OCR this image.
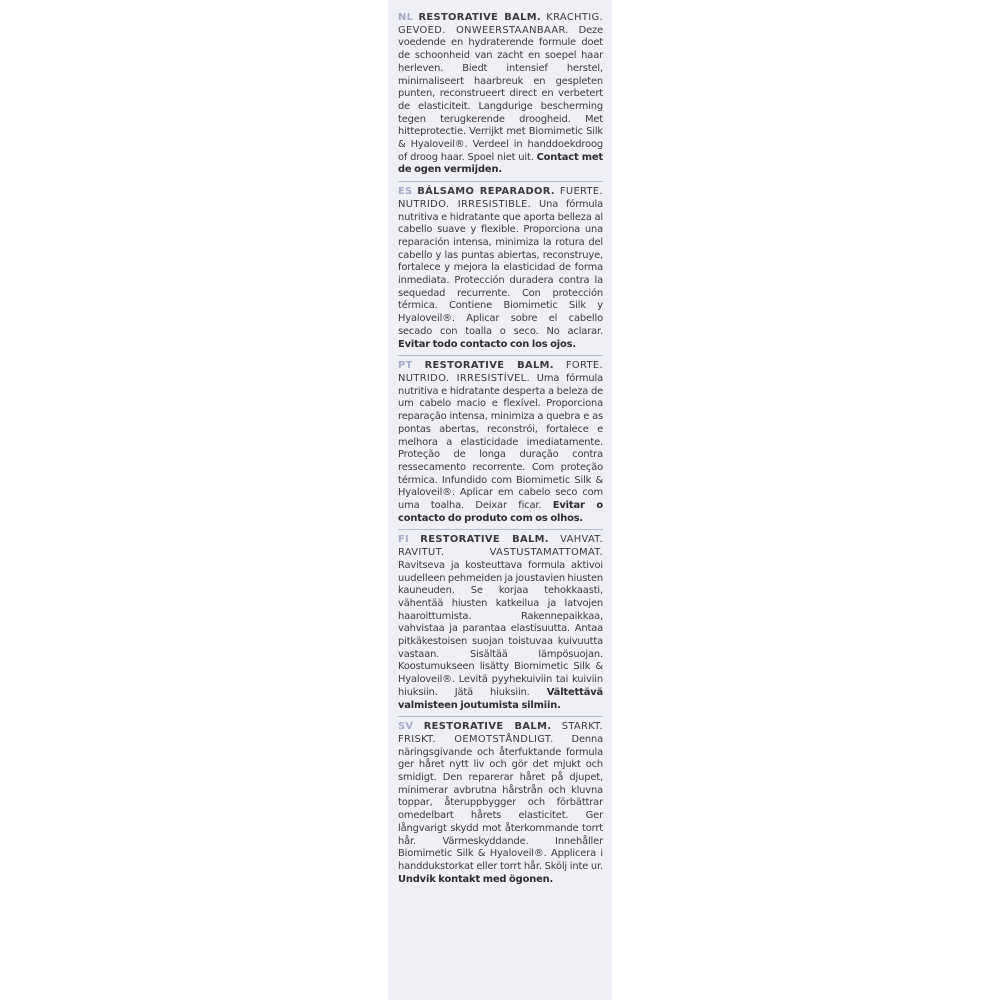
NL RESTORATIVE BALM. KRACHTIG. GEVOED. ONWEERSTAANBAAR. Deze voedende en hydraterende formule doet de schoonheid van zacht en soepel haar herleven. Biedt intensief herstel, minimaliseert haarbreuk en gespleten punten, reconstrueert direct en verbetert de elasticiteit. Langdurige bescherming tegen terugkerende droogheid. Met hitteprotectie. Verrijkt met Biomimetic Silk & Hyaloveil®. Verdeel in handdoekdroog of droog haar. Spoel niet uit. Contact met de ogen vermijden.

ES BÁLSAMO REPARADOR. FUERTE. NUTRIDO. IRRESISTIBLE. Una fórmula nutritiva e hidratante que aporta belleza al cabello suave y flexible. Proporciona una reparación intensa, minimiza la rotura del cabello y las puntas abiertas, reconstruye, fortalece y mejora la elasticidad de forma inmediata. Protección duradera contra la sequedad recurrente. Con protección térmica. Contiene Biomimetic Silk y Hyaloveil®. Aplicar sobre el cabello secado con toalla o seco. No aclarar. Evitar todo contacto con los ojos.

PT RESTORATIVE BALM. FORTE. NUTRIDO. IRRESISTÍVEL. Uma fórmula nutritiva e hidratante desperta a beleza de um cabelo macio e flexível. Proporciona reparação intensa, minimiza a quebra e as pontas abertas, reconstrói, fortalece e melhora a elasticidade imediatamente. Proteção de longa duração contra ressecamento recorrente. Com proteção térmica. Infundido com Biomimetic Silk & Hyaloveil®. Aplicar em cabelo seco com uma toalha. Deixar ficar. Evitar o contacto do produto com os olhos.

FI RESTORATIVE BALM. VAHVAT. RAVITUT. VASTUSTAMATTOMAT. Ravitseva ja kosteuttava formula aktivoi uudelleen pehmeiden ja joustavien hiusten kauneuden. Se korjaa tehokkaasti, vähentää hiusten katkeilua ja latvojen haaroittumista. Rakennepaikkaa, vahvistaa ja parantaa elastisuutta. Antaa pitkäkestoisen suojan toistuvaa kuivuutta vastaan. Sisältää lämpösuojan. Koostumukseen lisätty Biomimetic Silk & Hyaloveil®. Levitä pyyhekuiviin tai kuiviin hiuksiin. Jätä hiuksiin. Vältettävä valmisteen joutumista silmiin.

SV RESTORATIVE BALM. STARKT. FRISKT. OEMOTSTÅNDLIGT. Denna näringsgivande och återfuktande formula ger håret nytt liv och gör det mjukt och smidigt. Den reparerar håret på djupet, minimerar avbrutna hårstrån och kluvna toppar, återuppbygger och förbättrar omedelbart hårets elasticitet. Ger långvarigt skydd mot återkommande torrt hår. Värmeskyddande. Innehåller Biomimetic Silk & Hyaloveil®. Applicera i handdukstorkat eller torrt hår. Skölj inte ur. Undvik kontakt med ögonen.
